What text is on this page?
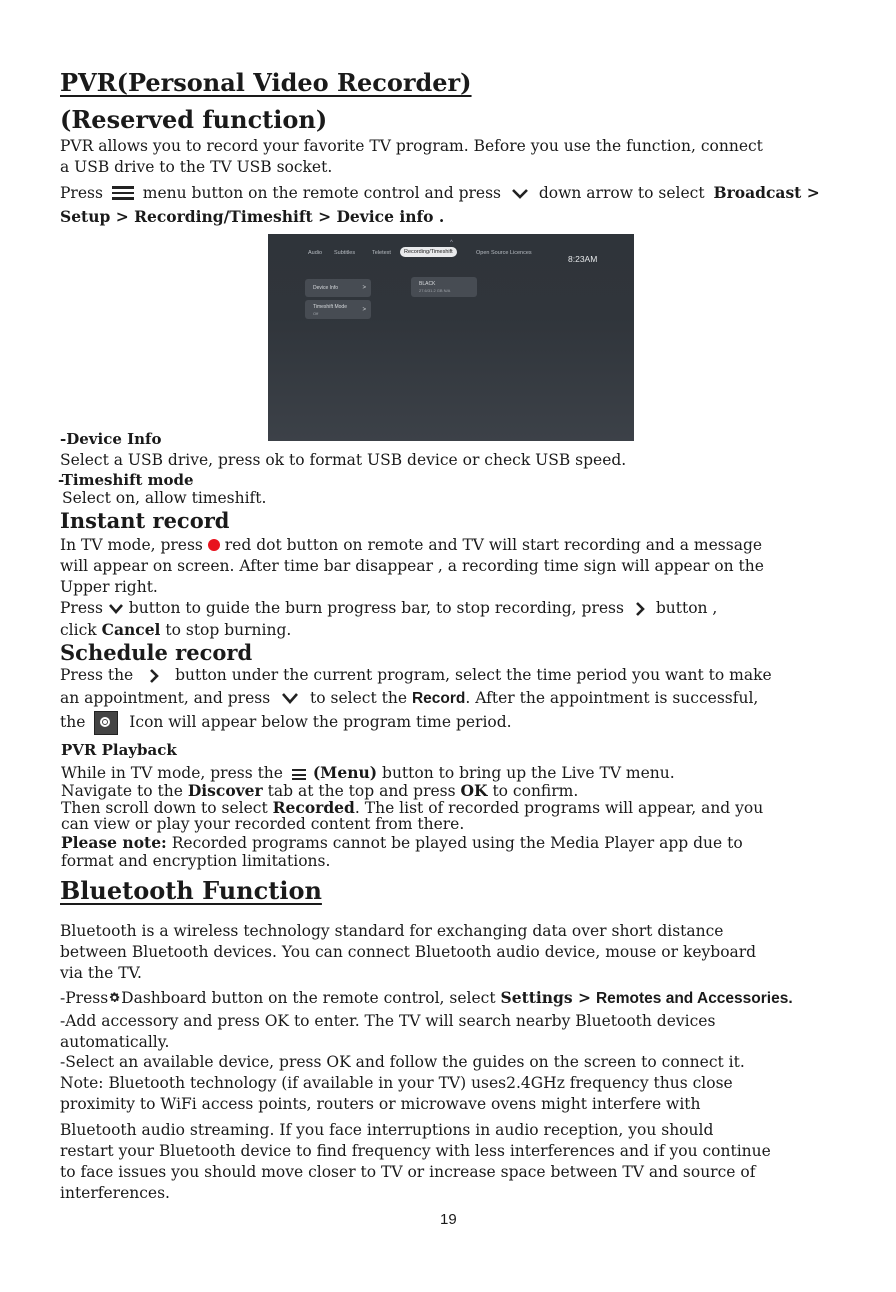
PVR(Personal Video Recorder)
(Reserved function)
PVR allows you to record your favorite TV program. Before you use the function, connect
a USB drive to the TV USB socket.
Press	menu button on the remote control and press down arrow to select Broadcast >
Setup > Recording/Timeshift > Device info .
^
Audio Subtitles	Teletext	Recording/Timeshift	Open Source Licences
8:23AM
Device Info	>
Timeshift Mode
Off
>
BLACK
27.6/31.2 GB N/A
-Device Info
Select a USB drive, press ok to format USB device or check USB speed.
-Timeshift mode
Select on, allow timeshift.
Instant record
In TV mode, press red dot button on remote and TV will start recording and a message
will appear on screen. After time bar disappear , a recording time sign will appear on the
Upper right.
Press button to guide the burn progress bar, to stop recording, press button ,
click Cancel to stop burning.
Schedule record
Press the	button under the current program, select the time period you want to make
an appointment, and press	to select the Record. After the appointment is successful,
the	Icon will appear below the program time period.
PVR Playback
While in TV mode, press the (Menu) button to bring up the Live TV menu.
Navigate to the Discover tab at the top and press OK to confirm.
Then scroll down to select Recorded. The list of recorded programs will appear, and you
can view or play your recorded content from there.
Please note: Recorded programs cannot be played using the Media Player app due to
format and encryption limitations.
Bluetooth Function
Bluetooth is a wireless technology standard for exchanging data over short distance
between Bluetooth devices. You can connect Bluetooth audio device, mouse or keyboard
via the TV.
-Press Dashboard button on the remote control, select Settings > Remotes and Accessories.
-Add accessory and press OK to enter. The TV will search nearby Bluetooth devices
automatically.
-Select an available device, press OK and follow the guides on the screen to connect it.
Note: Bluetooth technology (if available in your TV) uses2.4GHz frequency thus close
proximity to WiFi access points, routers or microwave ovens might interfere with
Bluetooth audio streaming. If you face interruptions in audio reception, you should
restart your Bluetooth device to find frequency with less interferences and if you continue
to face issues you should move closer to TV or increase space between TV and source of
interferences.
19
